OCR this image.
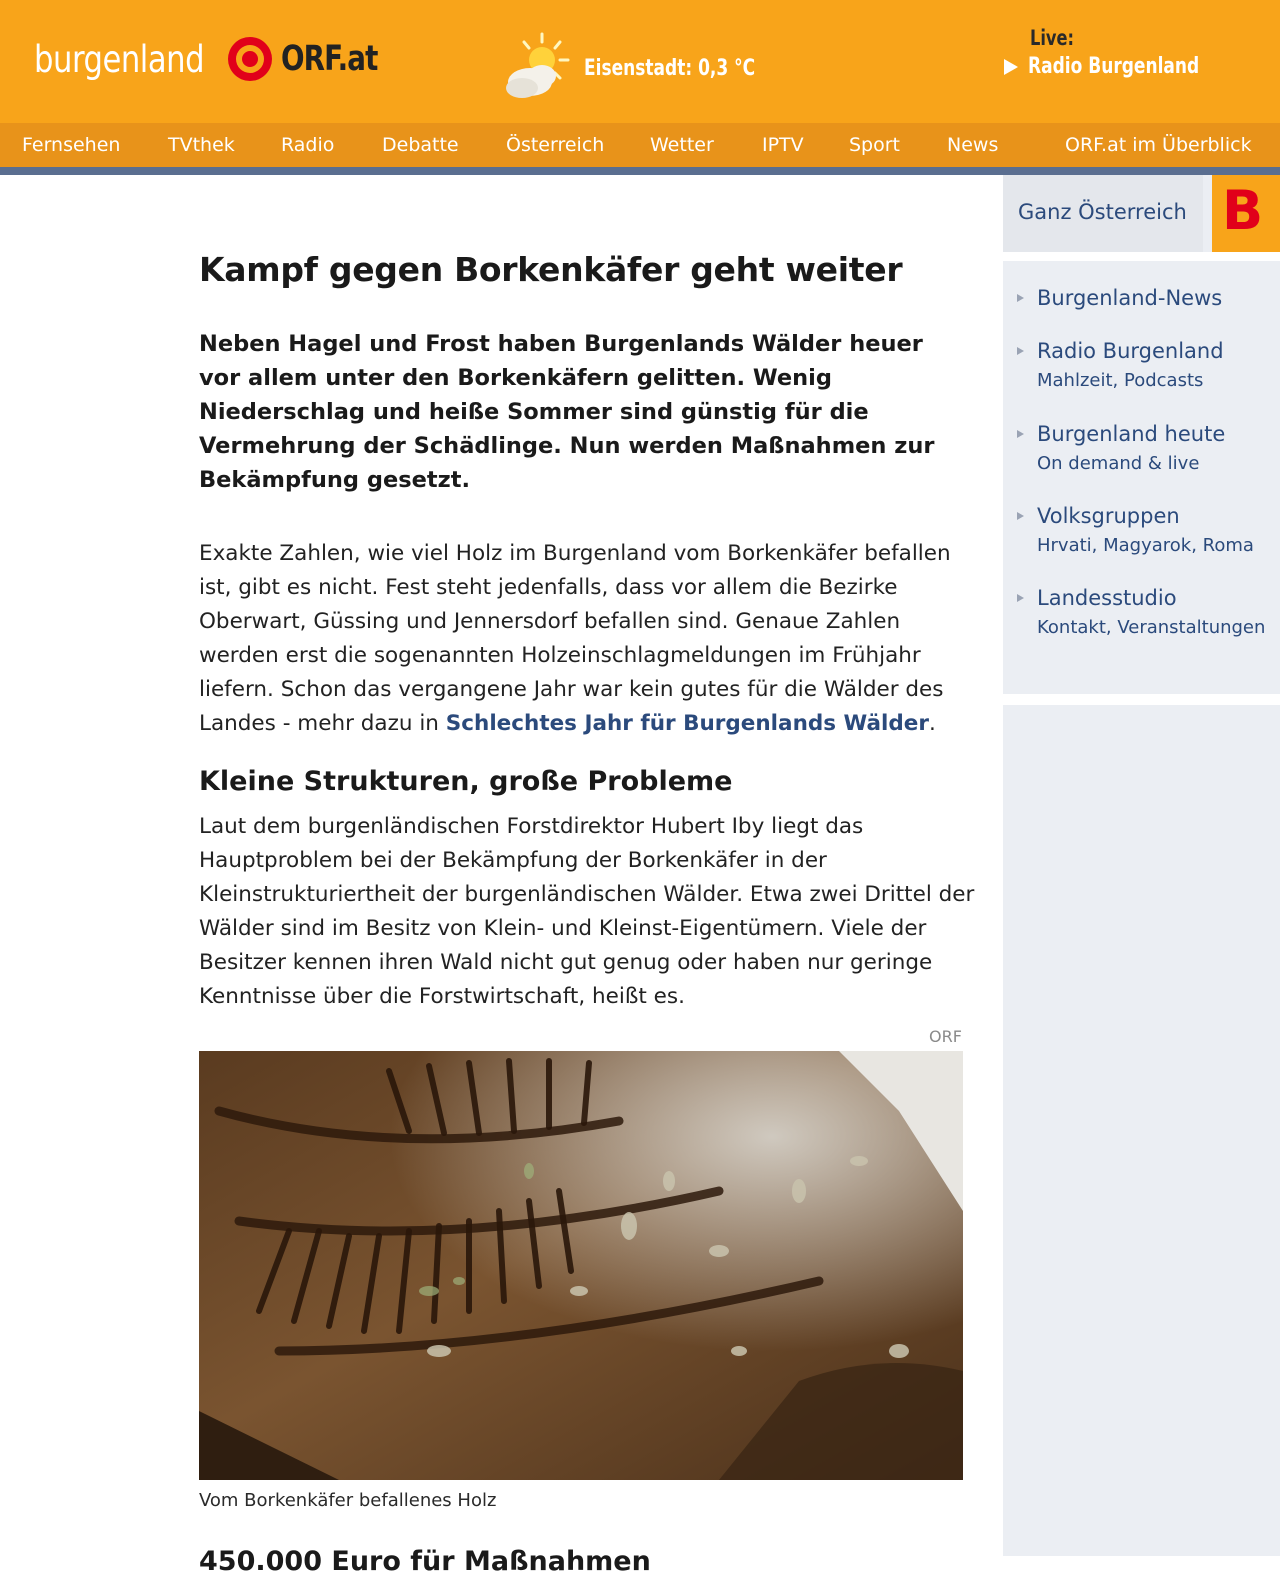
burgenland ORF.at	Eisenstadt: 0,3 °C
Live:
Radio Burgenland
Fernsehen	TVthek Radio	Debatte Österreich Wetter	IPTV Sport News	ORF.at im Überblick
Ganz Österreich B
Burgenland-News
Radio Burgenland
Mahlzeit, Podcasts
Burgenland heute
On demand & live
Volksgruppen
Hrvati, Magyarok, Roma
Landesstudio
Kontakt, Veranstaltungen
Kampf gegen Borkenkäfer geht weiter

Neben Hagel und Frost haben Burgenlands Wälder heuer vor allem unter den Borkenkäfern gelitten. Wenig Niederschlag und heiße Sommer sind günstig für die Vermehrung der Schädlinge. Nun werden Maßnahmen zur Bekämpfung gesetzt.

Exakte Zahlen, wie viel Holz im Burgenland vom Borkenkäfer befallen ist, gibt es nicht. Fest steht jedenfalls, dass vor allem die Bezirke Oberwart, Güssing und Jennersdorf befallen sind. Genaue Zahlen werden erst die sogenannten Holzeinschlagmeldungen im Frühjahr liefern. Schon das vergangene Jahr war kein gutes für die Wälder des Landes - mehr dazu in Schlechtes Jahr für Burgenlands Wälder.

Kleine Strukturen, große Probleme

Laut dem burgenländischen Forstdirektor Hubert Iby liegt das Hauptproblem bei der Bekämpfung der Borkenkäfer in der Kleinstrukturiertheit der burgenländischen Wälder. Etwa zwei Drittel der Wälder sind im Besitz von Klein- und Kleinst-Eigentümern. Viele der Besitzer kennen ihren Wald nicht gut genug oder haben nur geringe Kenntnisse über die Forstwirtschaft, heißt es.

ORF
Vom Borkenkäfer befallenes Holz
450.000 Euro für Maßnahmen
